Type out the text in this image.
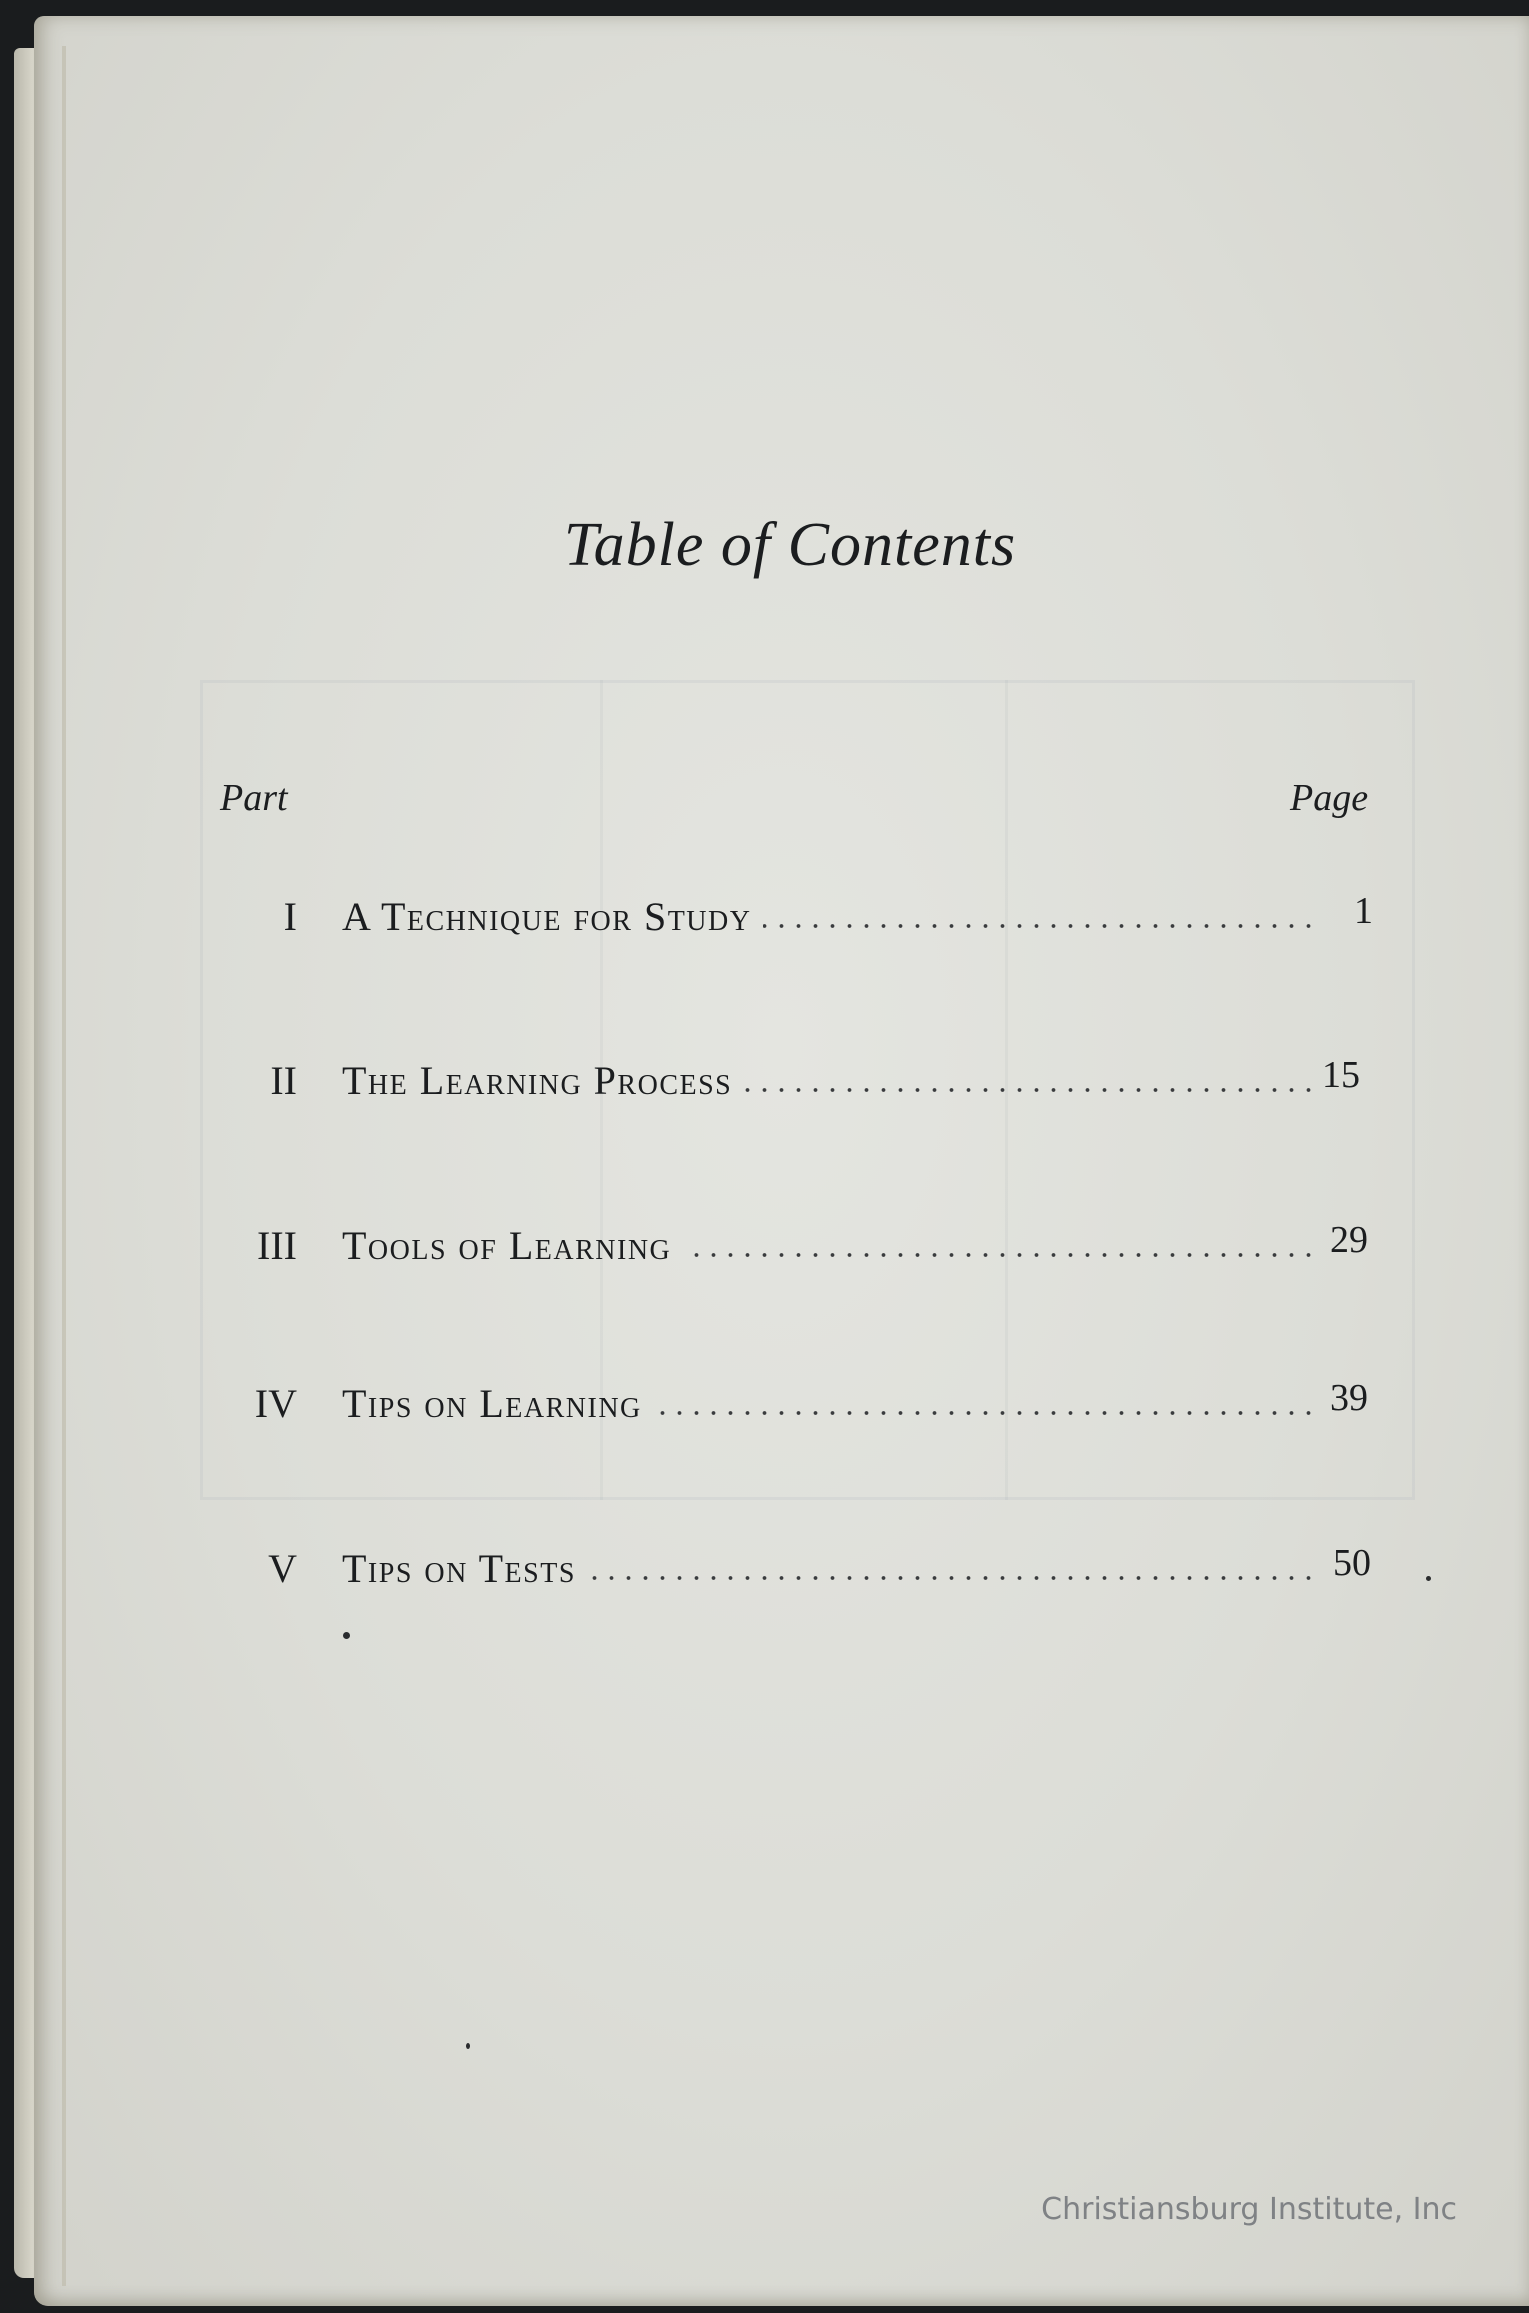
Table of Contents
Part	Page
I A Technique for Study	1
II The Learning Process	15
III Tools of Learning	29
IV Tips on Learning	39
V Tips on Tests	50
Christiansburg Institute, Inc
